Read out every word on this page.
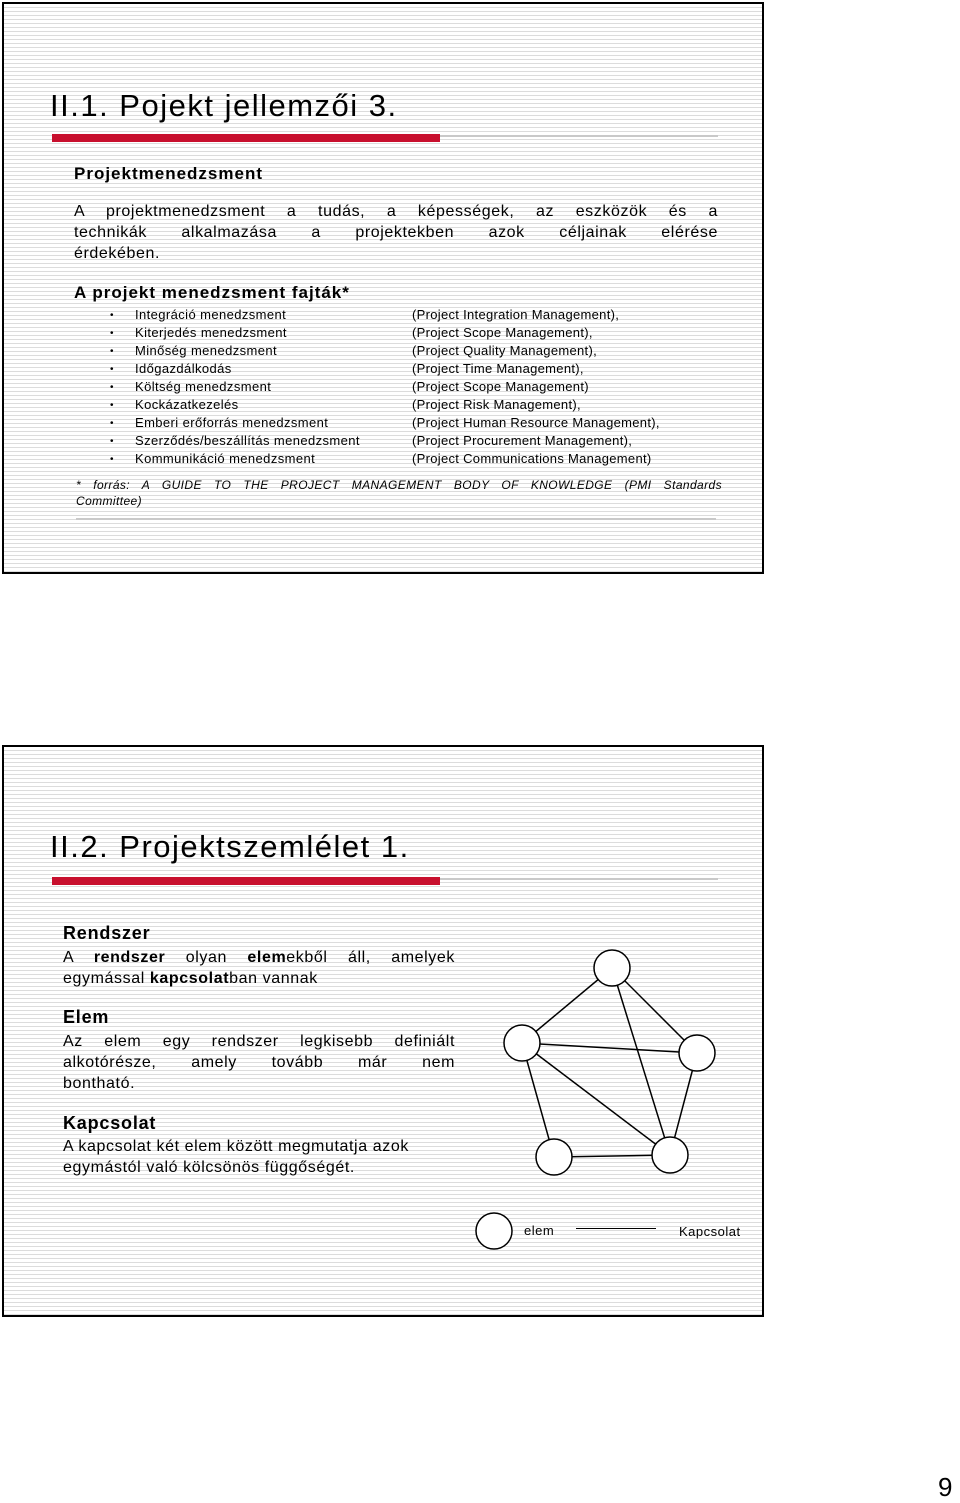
II.1. Pojekt jellemzői 3.
Projektmenedzsment
A projektmenedzsment a tudás, a képességek, az eszközök és a
technikák alkalmazása a projektekben azok céljainak elérése
érdekében.
A projekt menedzsment fajták*
• Integráció menedzsment	(Project Integration Management),
• Kiterjedés menedzsment	(Project Scope Management),
• Minőség menedzsment	(Project Quality Management),
• Időgazdálkodás	(Project Time Management),
• Költség menedzsment	(Project Scope Management)
• Kockázatkezelés	(Project Risk Management),
• Emberi erőforrás menedzsment	(Project Human Resource Management),
• Szerződés/beszállítás menedzsment	(Project Procurement Management),
• Kommunikáció menedzsment	(Project Communications Management)
* forrás: A GUIDE TO THE PROJECT MANAGEMENT BODY OF KNOWLEDGE (PMI Standards
Committee)
II.2. Projektszemlélet 1.
Rendszer
A rendszer olyan elemekből áll, amelyek
egymással kapcsolatban vannak
Elem
Az elem egy rendszer legkisebb definiált
alkotórésze, amely tovább már nem
bontható.
Kapcsolat
A kapcsolat két elem között megmutatja azok
egymástól való kölcsönös függőségét.
elem	Kapcsolat
9
